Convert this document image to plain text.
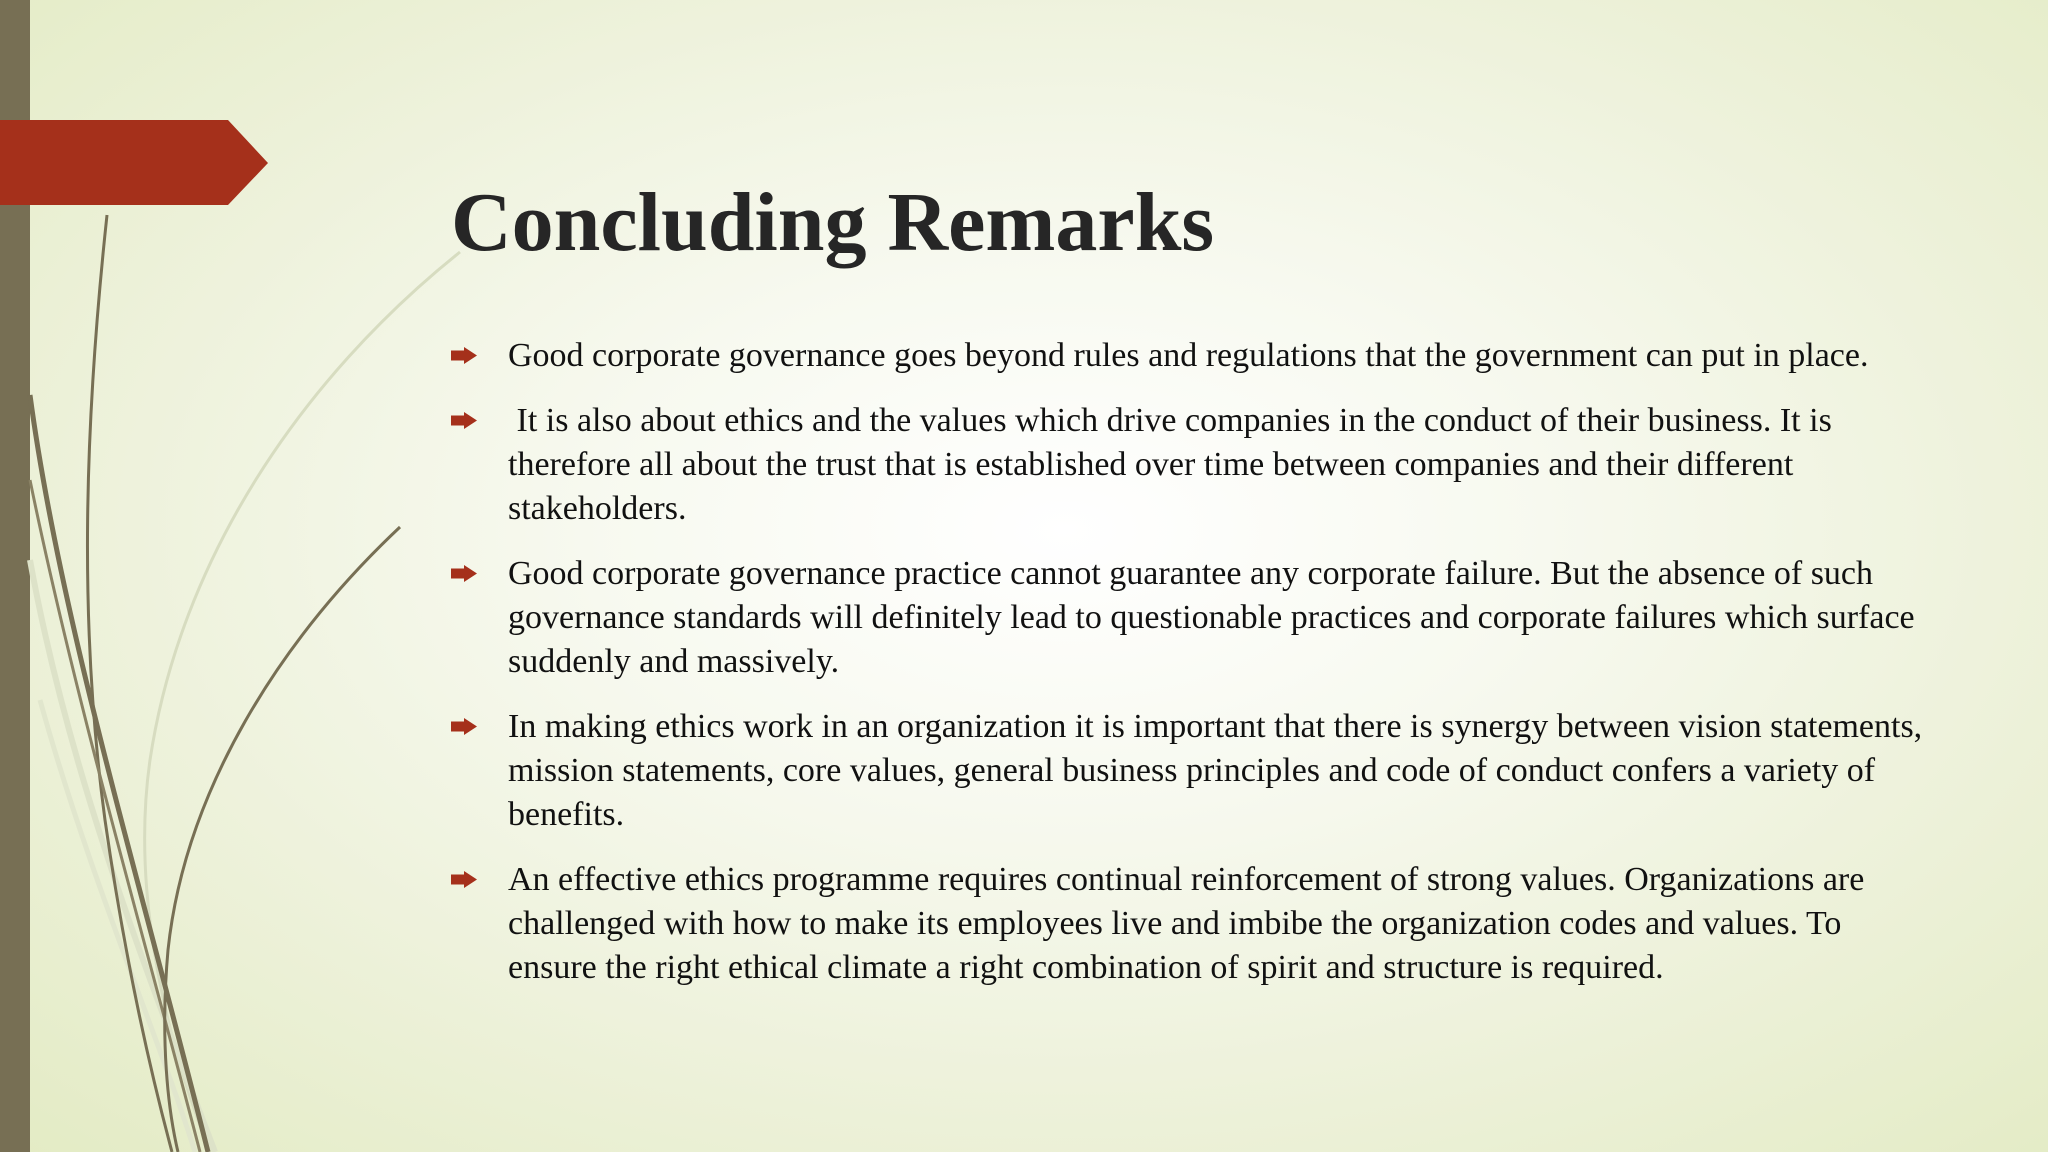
Concluding Remarks
Good corporate governance goes beyond rules and regulations that the government can put in place.
It is also about ethics and the values which drive companies in the conduct of their business. It is therefore all about the trust that is established over time between companies and their different stakeholders.
Good corporate governance practice cannot guarantee any corporate failure. But the absence of such governance standards will definitely lead to questionable practices and corporate failures which surface suddenly and massively.
In making ethics work in an organization it is important that there is synergy between vision statements, mission statements, core values, general business principles and code of conduct confers a variety of benefits.
An effective ethics programme requires continual reinforcement of strong values. Organizations are challenged with how to make its employees live and imbibe the organization codes and values. To ensure the right ethical climate a right combination of spirit and structure is required.
